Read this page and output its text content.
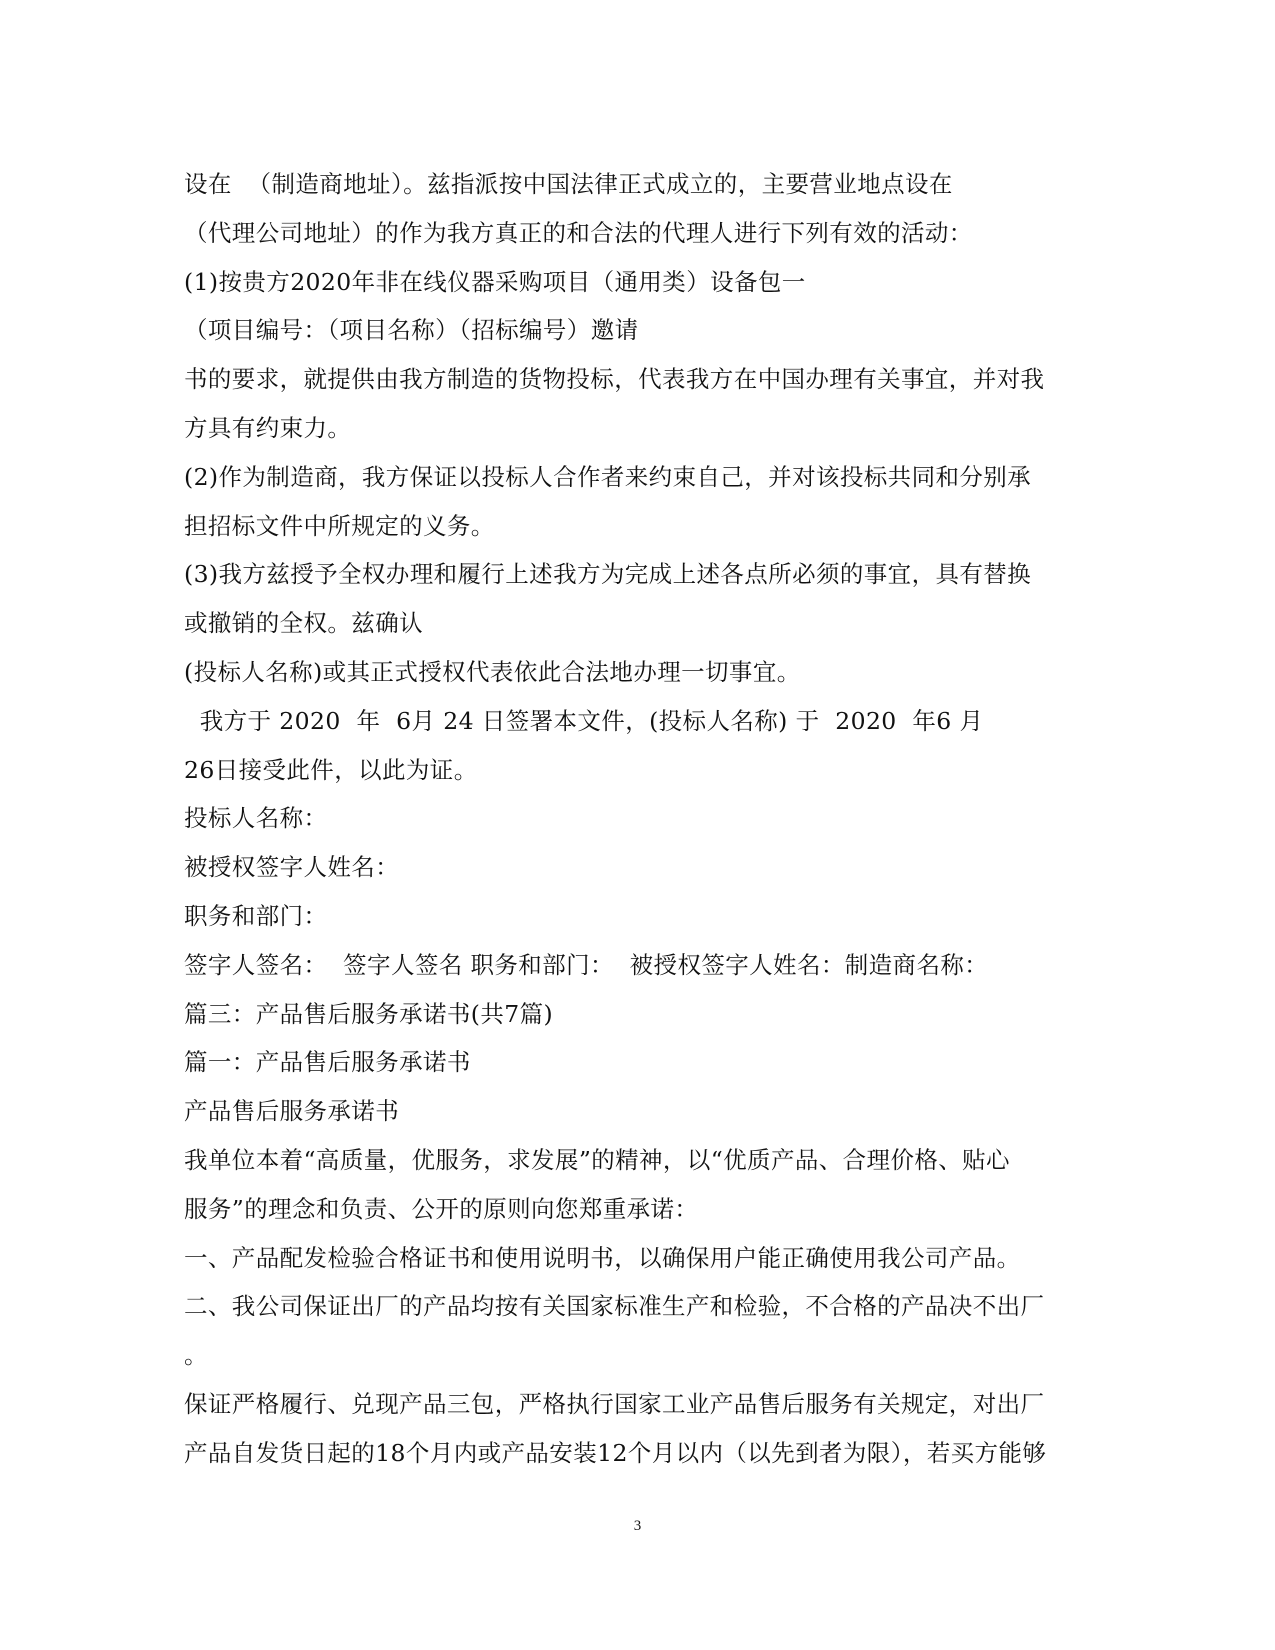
设在  （制造商地址）。兹指派按中国法律正式成立的，主要营业地点设在
（代理公司地址）的作为我方真正的和合法的代理人进行下列有效的活动：
(1)按贵方2020年非在线仪器采购项目（通用类）设备包一
（项目编号：（项目名称）（招标编号）邀请
书的要求，就提供由我方制造的货物投标，代表我方在中国办理有关事宜，并对我
方具有约束力。
(2)作为制造商，我方保证以投标人合作者来约束自己，并对该投标共同和分别承
担招标文件中所规定的义务。
(3)我方兹授予全权办理和履行上述我方为完成上述各点所必须的事宜，具有替换
或撤销的全权。兹确认
(投标人名称)或其正式授权代表依此合法地办理一切事宜。
我方于 2020  年  6月 24 日签署本文件，(投标人名称) 于  2020  年6 月
26日接受此件，以此为证。
投标人名称：
被授权签字人姓名：
职务和部门：
签字人签名：  签字人签名 职务和部门：  被授权签字人姓名：制造商名称：
篇三：产品售后服务承诺书(共7篇)
篇一：产品售后服务承诺书
产品售后服务承诺书
我单位本着“高质量，优服务，求发展”的精神，以“优质产品、合理价格、贴心
服务”的理念和负责、公开的原则向您郑重承诺：
一、产品配发检验合格证书和使用说明书，以确保用户能正确使用我公司产品。
二、我公司保证出厂的产品均按有关国家标准生产和检验，不合格的产品决不出厂
。
保证严格履行、兑现产品三包，严格执行国家工业产品售后服务有关规定，对出厂
产品自发货日起的18个月内或产品安装12个月以内（以先到者为限），若买方能够
3
